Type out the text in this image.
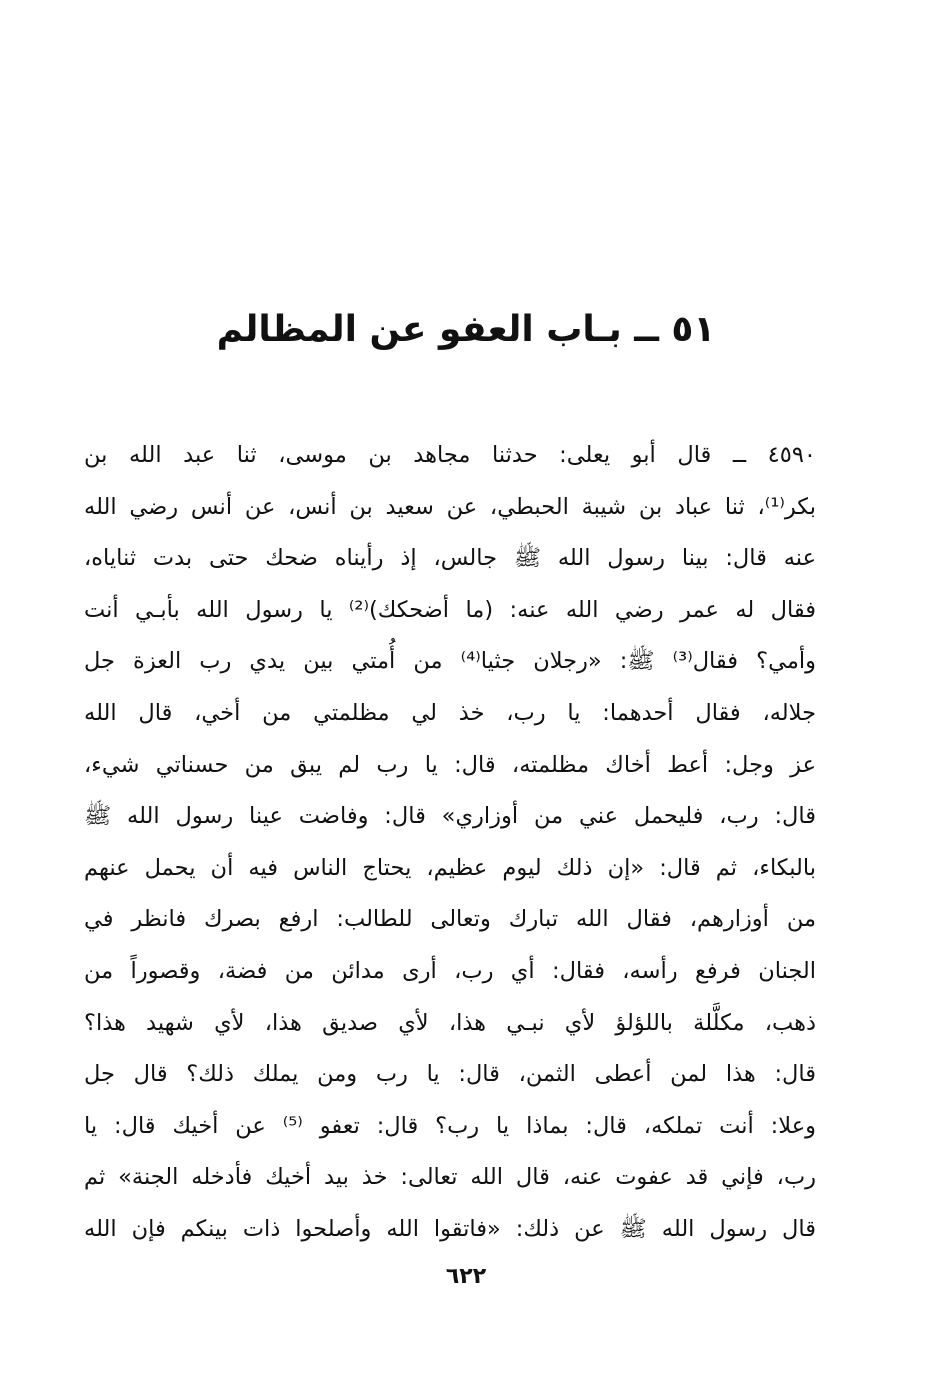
٥١ ــ بـاب العفو عن المظالم
٤٥٩٠ ــ قال أبو يعلى: حدثنا مجاهد بن موسى، ثنا عبد الله بن
بكر⁽¹⁾، ثنا عباد بن شيبة الحبطي، عن سعيد بن أنس، عن أنس رضي الله
عنه قال: بينا رسول الله ﷺ جالس، إذ رأيناه ضحك حتى بدت ثناياه،
فقال له عمر رضي الله عنه: (ما أضحكك)⁽²⁾ يا رسول الله بأبـي أنت
وأمي؟ فقال⁽³⁾ ﷺ: «رجلان جثيا⁽⁴⁾ من أُمتي بين يدي رب العزة جل
جلاله، فقال أحدهما: يا رب، خذ لي مظلمتي من أخي، قال الله
عز وجل: أعط أخاك مظلمته، قال: يا رب لم يبق من حسناتي شيء،
قال: رب، فليحمل عني من أوزاري» قال: وفاضت عينا رسول الله ﷺ
بالبكاء، ثم قال: «إن ذلك ليوم عظيم، يحتاج الناس فيه أن يحمل عنهم
من أوزارهم، فقال الله تبارك وتعالى للطالب: ارفع بصرك فانظر في
الجنان فرفع رأسه، فقال: أي رب، أرى مدائن من فضة، وقصوراً من
ذهب، مكلَّلة باللؤلؤ لأي نبـي هذا، لأي صديق هذا، لأي شهيد هذا؟
قال: هذا لمن أعطى الثمن، قال: يا رب ومن يملك ذلك؟ قال جل
وعلا: أنت تملكه، قال: بماذا يا رب؟ قال: تعفو ⁽⁵⁾ عن أخيك قال: يا
رب، فإني قد عفوت عنه، قال الله تعالى: خذ بيد أخيك فأدخله الجنة» ثم
قال رسول الله ﷺ عن ذلك: «فاتقوا الله وأصلحوا ذات بينكم فإن الله
٦٢٢
